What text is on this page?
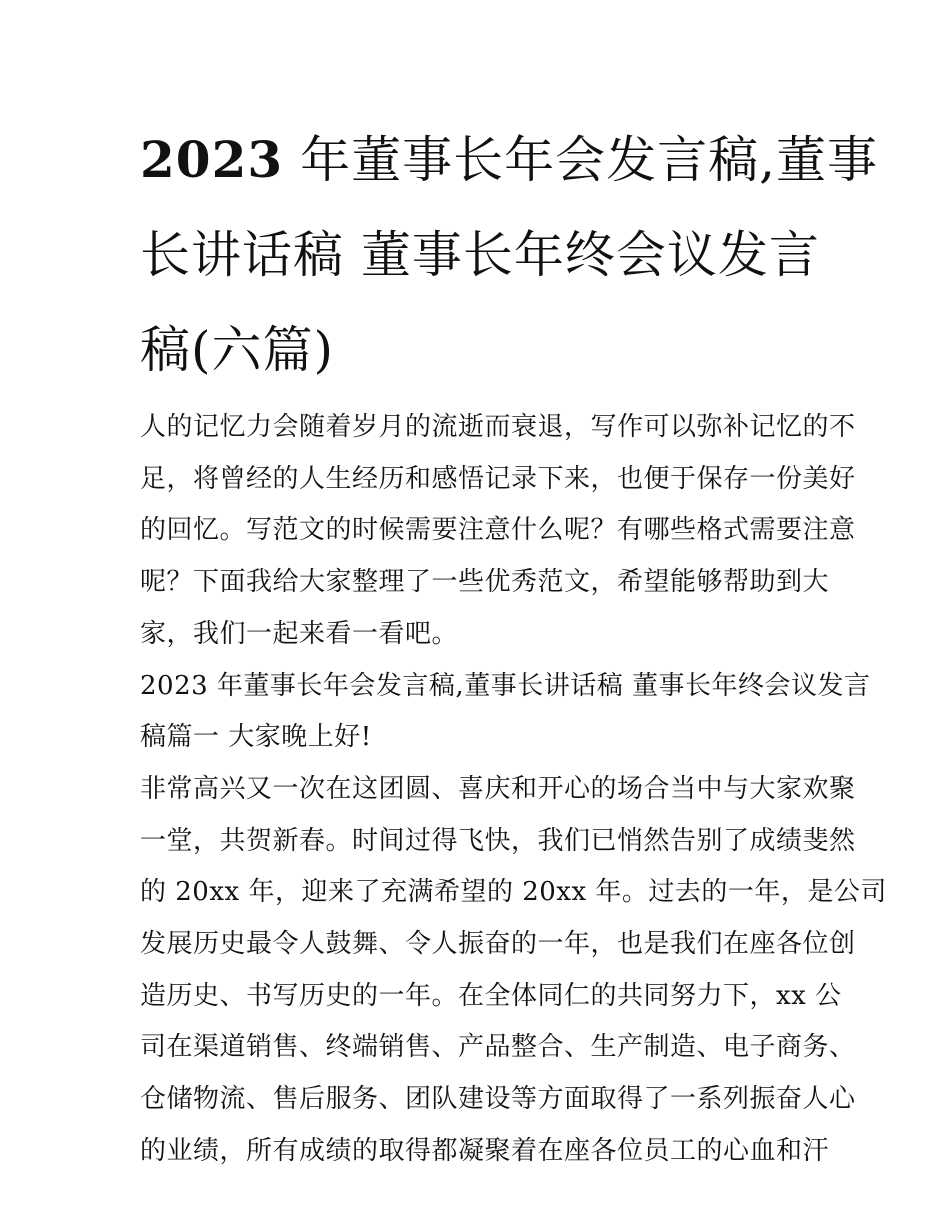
2023 年董事长年会发言稿,董事
长讲话稿 董事长年终会议发言
稿(六篇)
人的记忆力会随着岁月的流逝而衰退，写作可以弥补记忆的不
足，将曾经的人生经历和感悟记录下来，也便于保存一份美好
的回忆。写范文的时候需要注意什么呢？有哪些格式需要注意
呢？下面我给大家整理了一些优秀范文，希望能够帮助到大
家，我们一起来看一看吧。
2023 年董事长年会发言稿,董事长讲话稿 董事长年终会议发言
稿篇一 大家晚上好!
非常高兴又一次在这团圆、喜庆和开心的场合当中与大家欢聚
一堂，共贺新春。时间过得飞快，我们已悄然告别了成绩斐然
的 20xx 年，迎来了充满希望的 20xx 年。过去的一年，是公司
发展历史最令人鼓舞、令人振奋的一年，也是我们在座各位创
造历史、书写历史的一年。在全体同仁的共同努力下，xx 公
司在渠道销售、终端销售、产品整合、生产制造、电子商务、
仓储物流、售后服务、团队建设等方面取得了一系列振奋人心
的业绩，所有成绩的取得都凝聚着在座各位员工的心血和汗
